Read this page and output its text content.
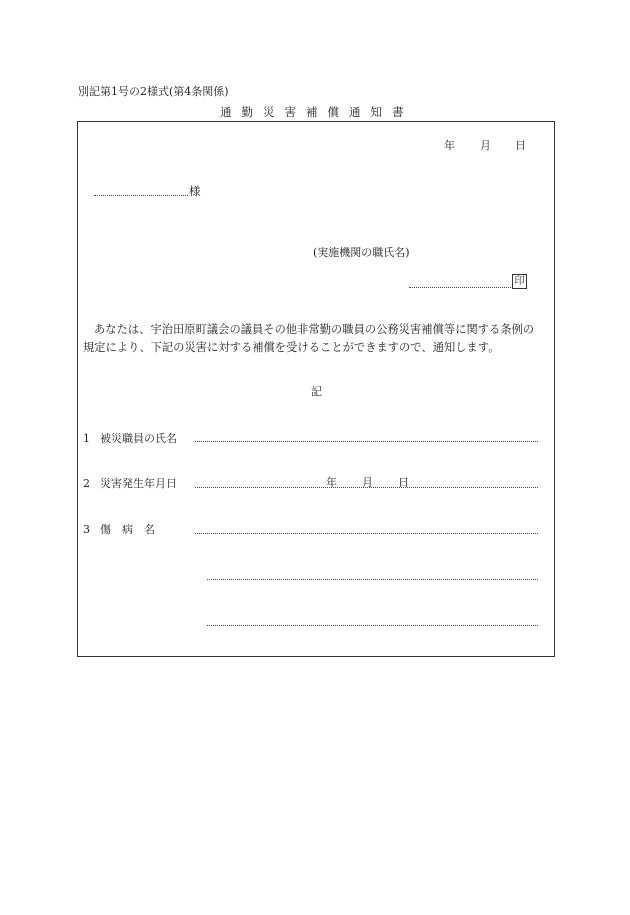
別記第1号の2様式(第4条関係)
通勤災害補償通知書
年 月 日
様
(実施機関の職氏名)
印
あなたは、宇治田原町議会の議員その他非常勤の職員の公務災害補償等に関する条例の規定により、下記の災害に対する補償を受けることができますので、通知します。
記
1 被災職員の氏名
2 災害発生年月日	年 月 日
3 傷　病　名
